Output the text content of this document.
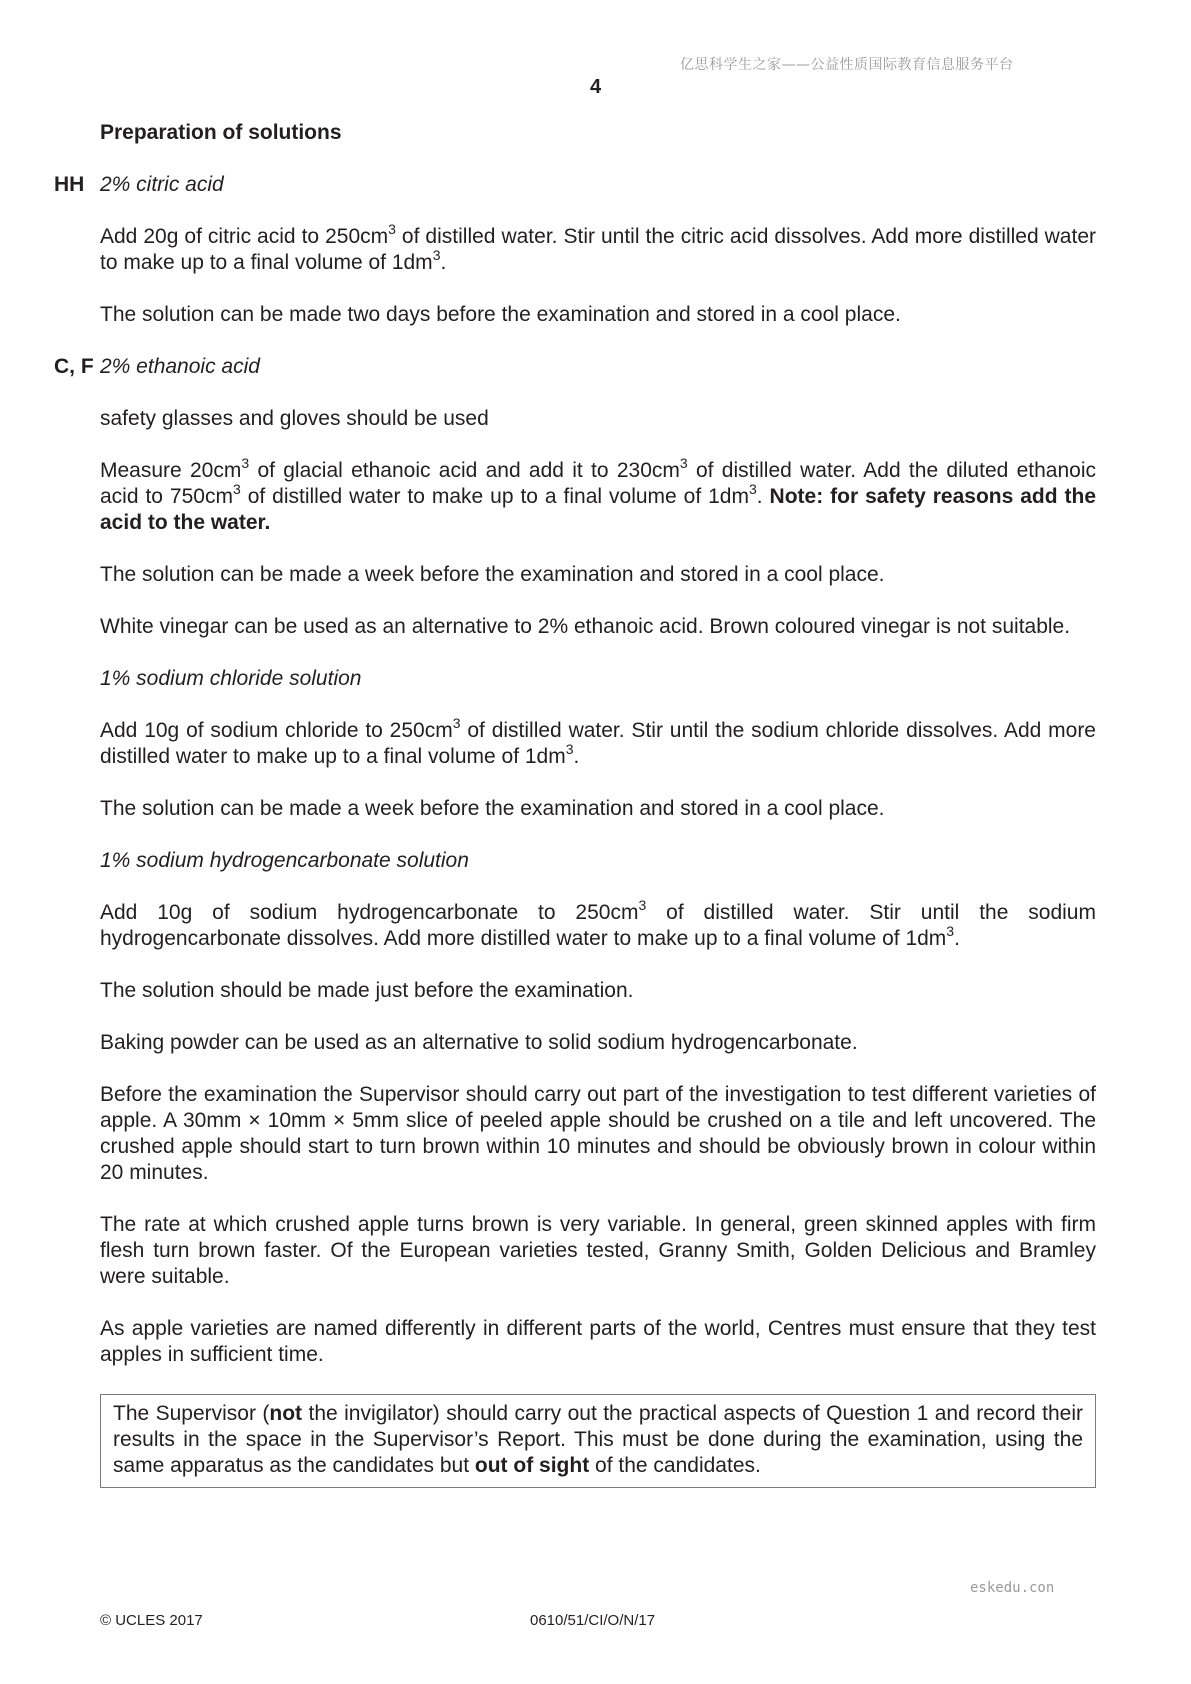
亿思科学生之家——公益性质国际教育信息服务平台
4

Preparation of solutions

HH 2% citric acid

Add 20g of citric acid to $250cm^3$ of distilled water. Stir until the citric acid dissolves. Add more distilled water to make up to a final volume of $1dm^3$.

The solution can be made two days before the examination and stored in a cool place.

C, F 2% ethanoic acid

safety glasses and gloves should be used

Measure $20cm^3$ of glacial ethanoic acid and add it to $230cm^3$ of distilled water. Add the diluted ethanoic acid to $750cm^3$ of distilled water to make up to a final volume of $1dm^3$. Note: for safety reasons add the acid to the water.

The solution can be made a week before the examination and stored in a cool place.

White vinegar can be used as an alternative to 2% ethanoic acid. Brown coloured vinegar is not suitable.

1% sodium chloride solution

Add 10g of sodium chloride to $250cm^3$ of distilled water. Stir until the sodium chloride dissolves. Add more distilled water to make up to a final volume of $1dm^3$.

The solution can be made a week before the examination and stored in a cool place.

1% sodium hydrogencarbonate solution

Add 10g of sodium hydrogencarbonate to $250cm^3$ of distilled water. Stir until the sodium hydrogencarbonate dissolves. Add more distilled water to make up to a final volume of $1dm^3$.

The solution should be made just before the examination.

Baking powder can be used as an alternative to solid sodium hydrogencarbonate.

Before the examination the Supervisor should carry out part of the investigation to test different varieties of apple. A 30mm × 10mm × 5mm slice of peeled apple should be crushed on a tile and left uncovered. The crushed apple should start to turn brown within 10 minutes and should be obviously brown in colour within 20 minutes.

The rate at which crushed apple turns brown is very variable. In general, green skinned apples with firm flesh turn brown faster. Of the European varieties tested, Granny Smith, Golden Delicious and Bramley were suitable.

As apple varieties are named differently in different parts of the world, Centres must ensure that they test apples in sufficient time.

The Supervisor (not the invigilator) should carry out the practical aspects of Question 1 and record their results in the space in the Supervisor’s Report. This must be done during the examination, using the same apparatus as the candidates but out of sight of the candidates.
eskedu.con
© UCLES 2017	0610/51/CI/O/N/17
